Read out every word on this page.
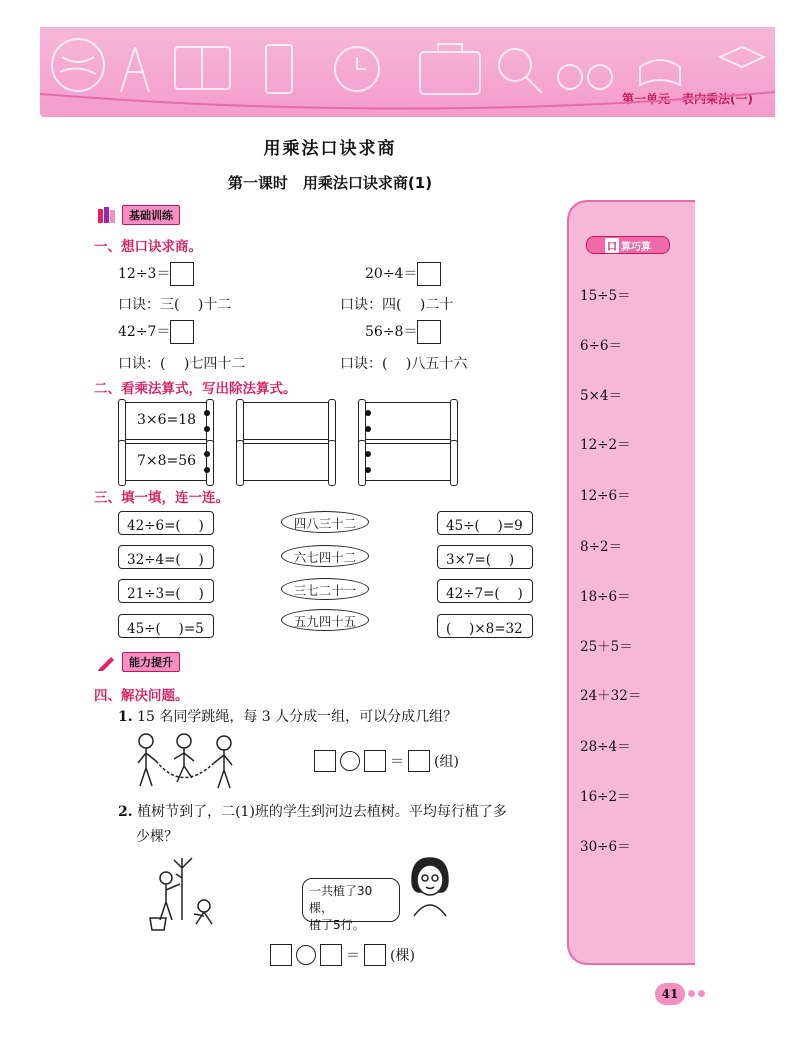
第一单元　表内乘法(一)
用乘法口诀求商
第一课时　用乘法口诀求商(1)
基础训练
一、想口诀求商。
12÷3＝	20÷4＝
口诀：三(　 )十二	口诀：四(　 )二十
42÷7＝	56÷8＝
口诀：(　 )七四十二	口诀：(　 )八五十六
二、看乘法算式，写出除法算式。
3×6=18
7×8=56
三、填一填，连一连。
42÷6=(　 )
32÷4=(　 )
21÷3=(　 )
45÷(　 )=5
四八三十二
六七四十二
三七二十一
五九四十五
45÷(　 )=9
3×7=(　 )
42÷7=(　 )
(　 )×8=32
能力提升
四、解决问题。
1. 15 名同学跳绳，每 3 人分成一组，可以分成几组？
＝ (组)
2. 植树节到了，二(1)班的学生到河边去植树。平均每行植了多
少棵？
一共植了30棵，
植了5行。
＝ (棵)
口 算巧算
15÷5＝
6÷6＝
5×4＝
12÷2＝
12÷6＝
8÷2＝
18÷6＝
25＋5＝
24＋32＝
28÷4＝
16÷2＝
30÷6＝
41
